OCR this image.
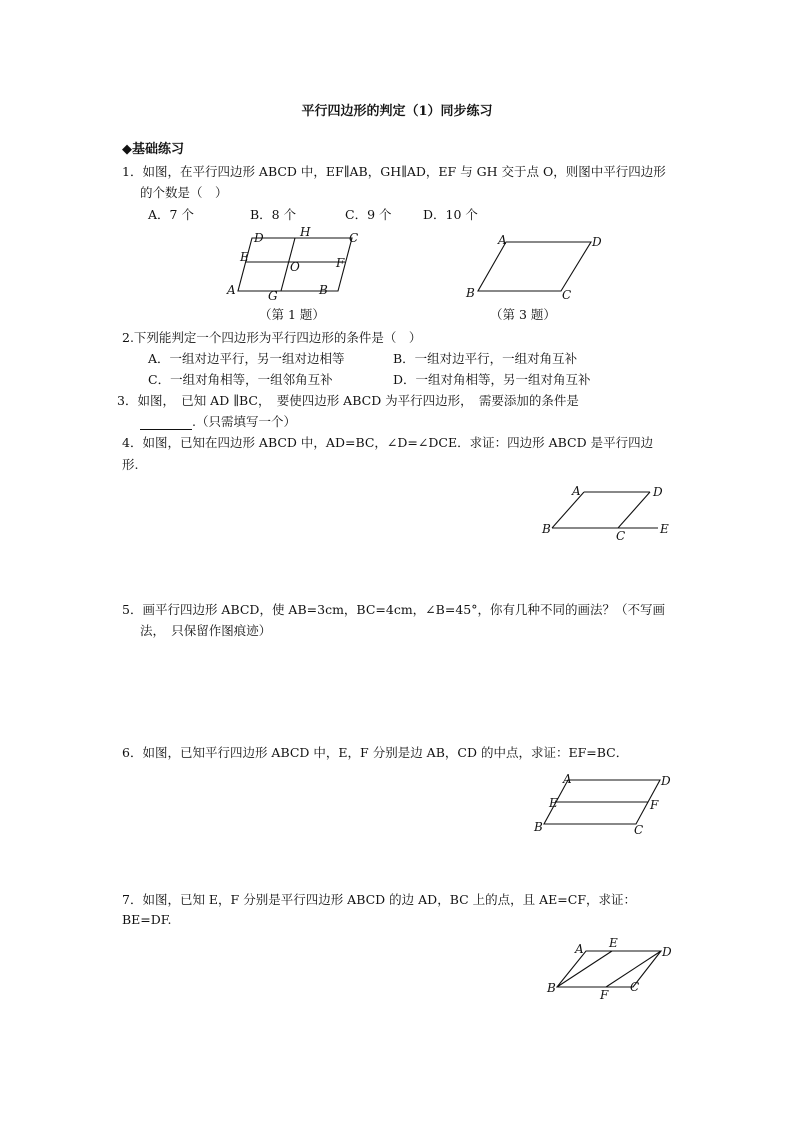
平行四边形的判定（1）同步练习
◆基础练习
1．如图，在平行四边形 ABCD 中，EF∥AB，GH∥AD，EF 与 GH 交于点 O，则图中平行四边形
的个数是（　）
A．7 个	B．8 个	C．9 个	D．10 个
D	H	C
E
O	F
A	G	B
（第 1 题）
A	D
B	C
（第 3 题）
2.下列能判定一个四边形为平行四边形的条件是（　）
A．一组对边平行，另一组对边相等	B．一组对边平行，一组对角互补
C．一组对角相等，一组邻角互补	D．一组对角相等，另一组对角互补
3．如图，　已知 AD ∥BC，　要使四边形 ABCD 为平行四边形，　需要添加的条件是
.（只需填写一个）
4．如图，已知在四边形 ABCD 中，AD=BC，∠D=∠DCE．求证：四边形 ABCD 是平行四边
形.
A	D
B	C	E
5．画平行四边形 ABCD，使 AB=3cm，BC=4cm，∠B=45°，你有几种不同的画法？（不写画
法，　只保留作图痕迹）
6．如图，已知平行四边形 ABCD 中，E，F 分别是边 AB，CD 的中点，求证：EF=BC．
A	D
E	F
B	C
7．如图，已知 E，F 分别是平行四边形 ABCD 的边 AD，BC 上的点，且 AE=CF，求证：
BE=DF.
A E
D
B	F
C
